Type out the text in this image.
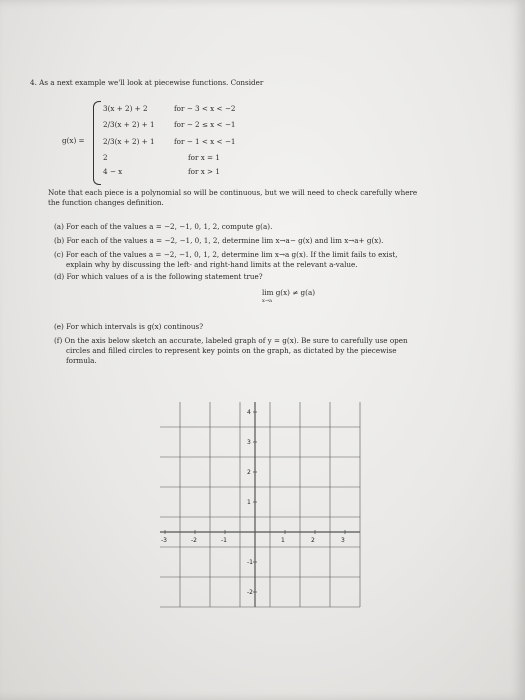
4. As a next example we'll look at piecewise functions. Consider
g(x) =
3(x + 2) + 2	for − 3 < x < −2
2/3(x + 2) + 1	for − 2 ≤ x < −1
2/3(x + 2) + 1	for − 1 < x < −1
2	for x = 1
4 − x	for x > 1
Note that each piece is a polynomial so will be continuous, but we will need to check carefully where
the function changes definition.
(a) For each of the values a = −2, −1, 0, 1, 2, compute g(a).
(b) For each of the values a = −2, −1, 0, 1, 2, determine lim x→a− g(x) and lim x→a+ g(x).
(c) For each of the values a = −2, −1, 0, 1, 2, determine lim x→a g(x). If the limit fails to exist,
explain why by discussing the left- and right-hand limits at the relevant a-value.
(d) For which values of a is the following statement true?
lim g(x) ≠ g(a)
x→a
(e) For which intervals is g(x) continous?
(f) On the axis below sketch an accurate, labeled graph of y = g(x). Be sure to carefully use open
circles and filled circles to represent key points on the graph, as dictated by the piecewise
formula.
-3	-2	-1	1	2	3
4
3
2
1
-1
-2
